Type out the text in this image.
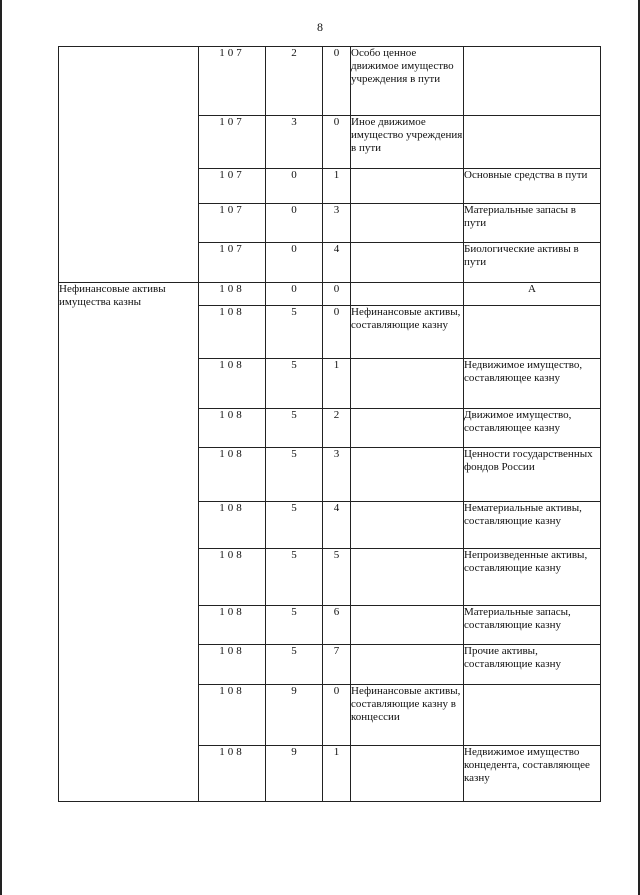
8
	107	2	0	Особо ценное движимое имущество учреждения в пути	
	107	3	0	Иное движимое имущество учреждения в пути	
	107	0	1		Основные средства в пути
	107	0	3		Материальные запасы в пути
	107	0	4		Биологические активы в пути
Нефинансовые активы имущества казны	108	0	0		А
	108	5	0	Нефинансовые активы, составляющие казну	
	108	5	1		Недвижимое имущество, составляющее казну
	108	5	2		Движимое имущество, составляющее казну
	108	5	3		Ценности государственных фондов России
	108	5	4		Нематериальные активы, составляющие казну
	108	5	5		Непроизведенные активы, составляющие казну
	108	5	6		Материальные запасы, составляющие казну
	108	5	7		Прочие активы, составляющие казну
	108	9	0	Нефинансовые активы, составляющие казну в концессии	
	108	9	1		Недвижимое имущество концедента, составляющее казну
